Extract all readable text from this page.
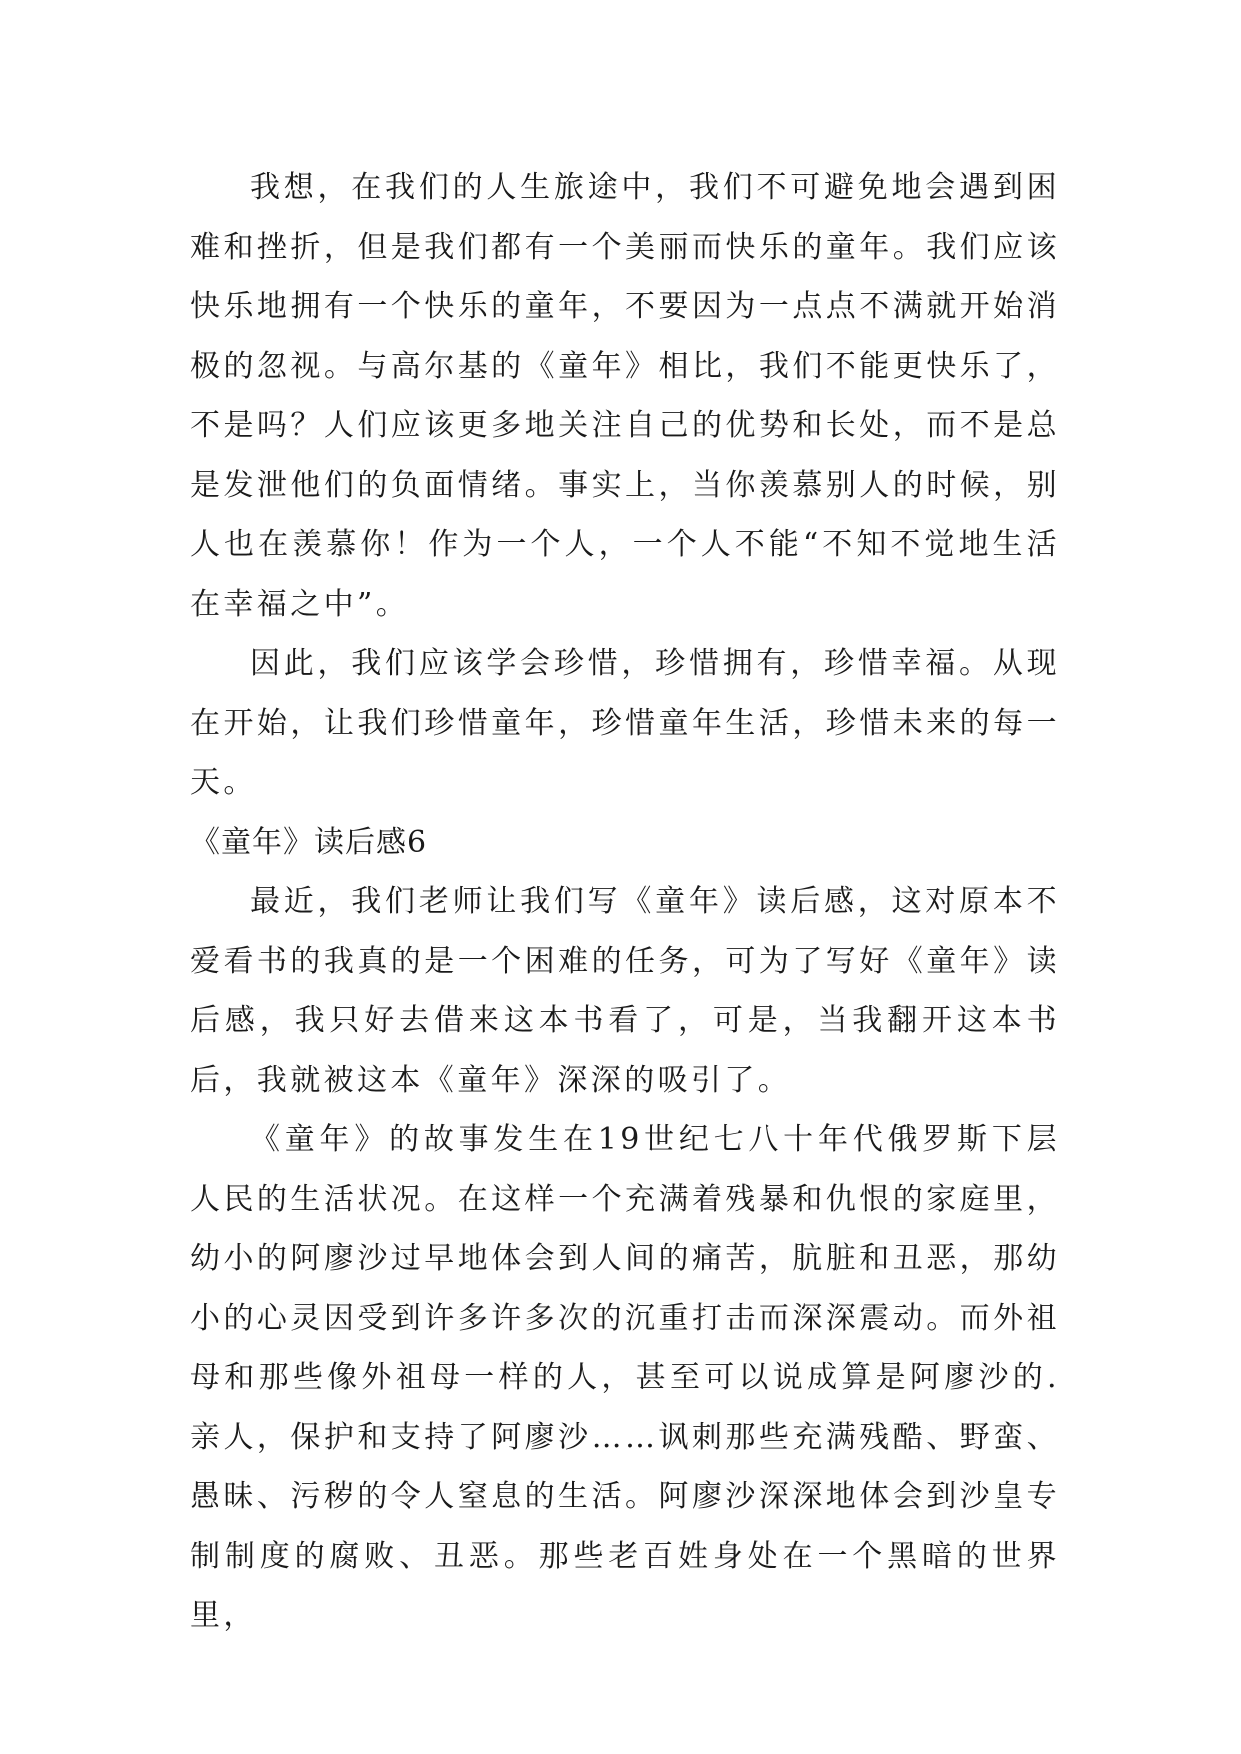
我想，在我们的人生旅途中，我们不可避免地会遇到困难和挫折，但是我们都有一个美丽而快乐的童年。我们应该快乐地拥有一个快乐的童年，不要因为一点点不满就开始消极的忽视。与高尔基的《童年》相比，我们不能更快乐了，不是吗？人们应该更多地关注自己的优势和长处，而不是总是发泄他们的负面情绪。事实上，当你羡慕别人的时候，别人也在羡慕你！作为一个人，一个人不能“不知不觉地生活在幸福之中”。

因此，我们应该学会珍惜，珍惜拥有，珍惜幸福。从现在开始，让我们珍惜童年，珍惜童年生活，珍惜未来的每一天。

《童年》读后感6

最近，我们老师让我们写《童年》读后感，这对原本不爱看书的我真的是一个困难的任务，可为了写好《童年》读后感，我只好去借来这本书看了，可是，当我翻开这本书后，我就被这本《童年》深深的吸引了。

《童年》的故事发生在19世纪七八十年代俄罗斯下层人民的生活状况。在这样一个充满着残暴和仇恨的家庭里，幼小的阿廖沙过早地体会到人间的痛苦，肮脏和丑恶，那幼小的心灵因受到许多许多次的沉重打击而深深震动。而外祖母和那些像外祖母一样的人，甚至可以说成算是阿廖沙的.亲人，保护和支持了阿廖沙……讽刺那些充满残酷、野蛮、愚昧、污秽的令人窒息的生活。阿廖沙深深地体会到沙皇专制制度的腐败、丑恶。那些老百姓身处在一个黑暗的世界里，
